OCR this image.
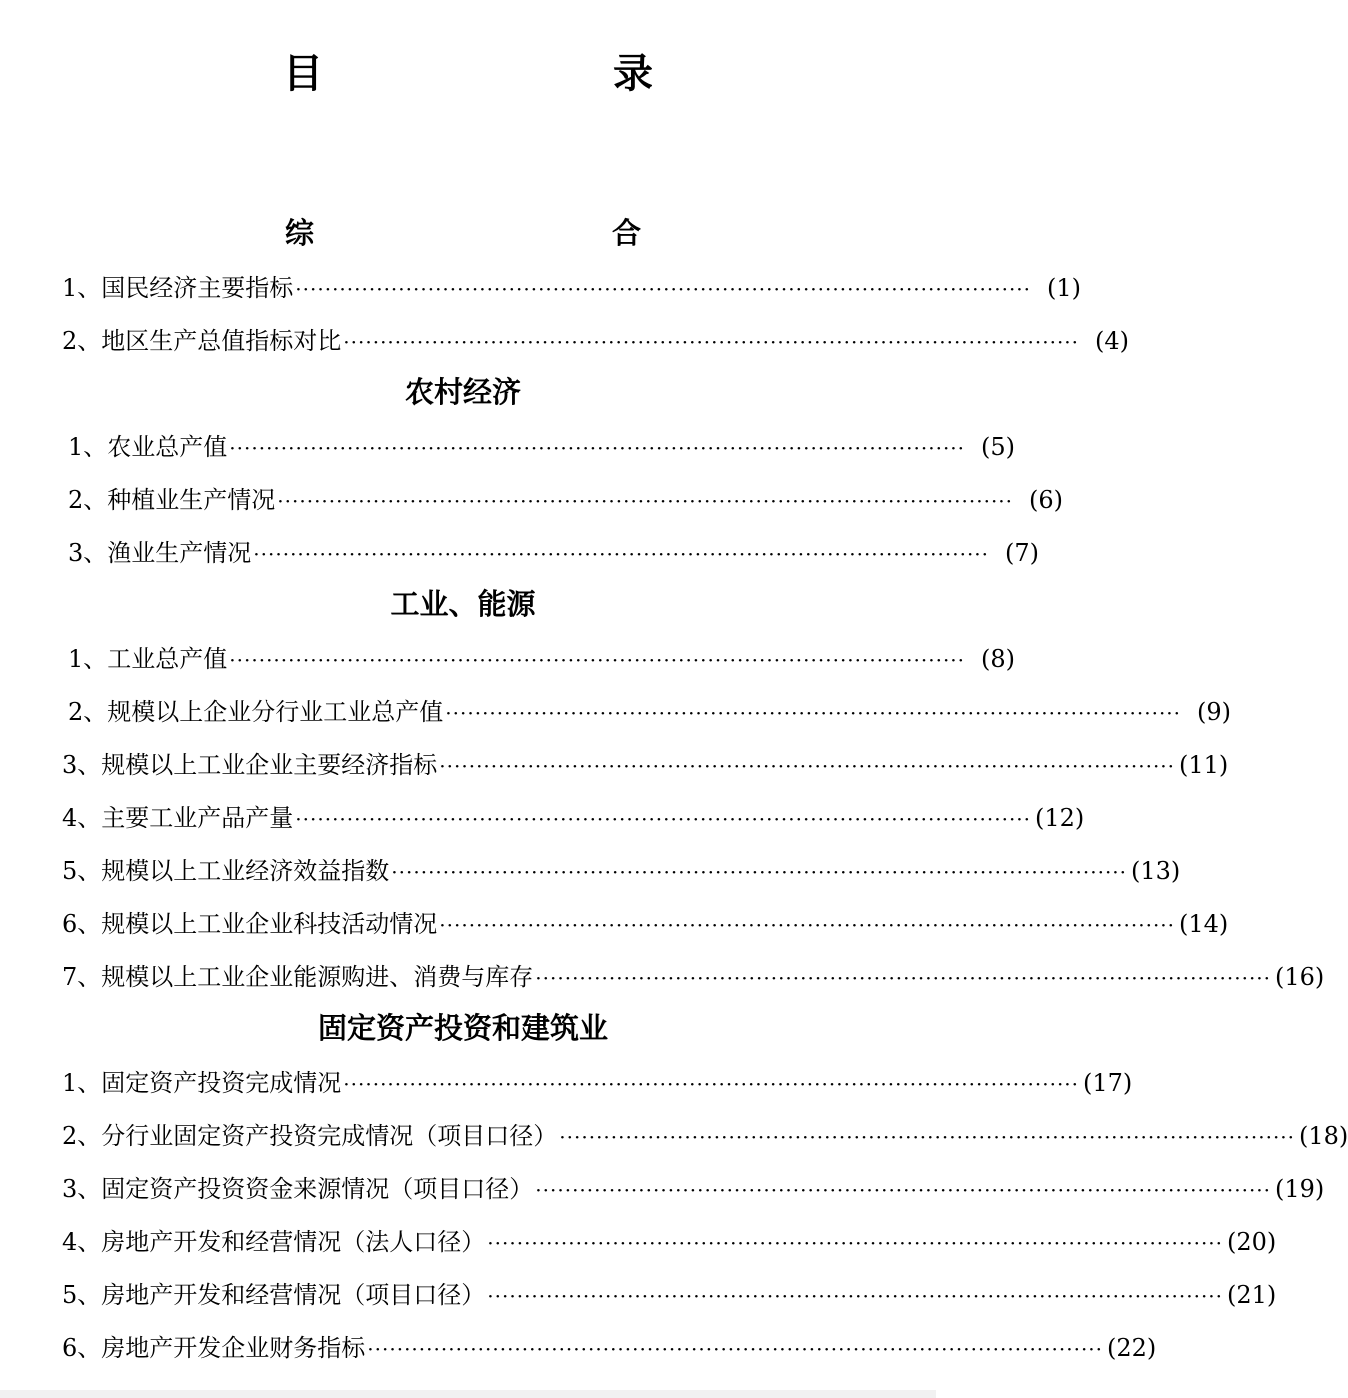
目　　录
综　　合
1、 国民经济主要指标 ···································································································· (1)
2、 地区生产总值指标对比 ···································································································· (4)
农村经济
1、 农业总产值 ···································································································· (5)
2、 种植业生产情况 ···································································································· (6)
3、 渔业生产情况 ···································································································· (7)
工业、能源
1、 工业总产值 ···································································································· (8)
2、 规模以上企业分行业工业总产值 ···································································································· (9)
3、 规模以上工业企业主要经济指标 ···································································································· (11)
4、 主要工业产品产量 ···································································································· (12)
5、 规模以上工业经济效益指数 ···································································································· (13)
6、 规模以上工业企业科技活动情况 ···································································································· (14)
7、 规模以上工业企业能源购进、消费与库存 ···································································································· (16)
固定资产投资和建筑业
1、 固定资产投资完成情况 ···································································································· (17)
2、 分行业固定资产投资完成情况（项目口径） ···································································································· (18)
3、 固定资产投资资金来源情况（项目口径） ···································································································· (19)
4、 房地产开发和经营情况（法人口径） ···································································································· (20)
5、 房地产开发和经营情况（项目口径） ···································································································· (21)
6、 房地产开发企业财务指标 ···································································································· (22)
